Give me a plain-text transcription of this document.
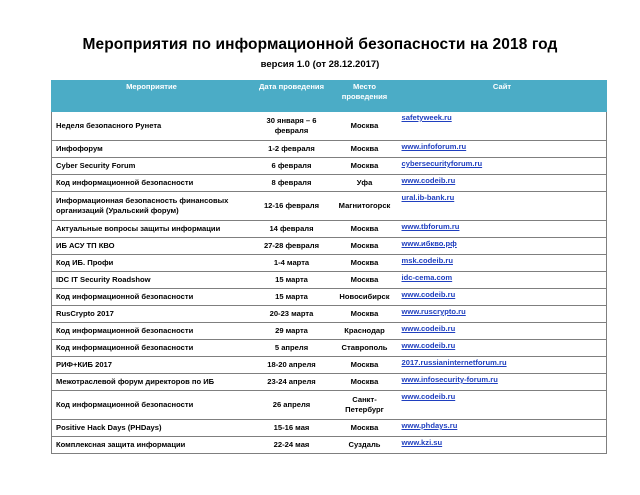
Мероприятия по информационной безопасности на 2018 год
версия 1.0 (от 28.12.2017)
Мероприятие	Дата проведения	Место проведения	Сайт
Неделя безопасного Рунета	30 января – 6 февраля	Москва	safetyweek.ru
Инфофорум	1-2 февраля	Москва	www.infoforum.ru
Cyber Security Forum	6 февраля	Москва	cybersecurityforum.ru
Код информационной безопасности	8 февраля	Уфа	www.codeib.ru
Информационная безопасность финансовых организаций (Уральский форум)	12-16 февраля	Магнитогорск	ural.ib-bank.ru
Актуальные вопросы защиты информации	14 февраля	Москва	www.tbforum.ru
ИБ АСУ ТП КВО	27-28 февраля	Москва	www.ибкво.рф
Код ИБ. Профи	1-4 марта	Москва	msk.codeib.ru
IDC IT Security Roadshow	15 марта	Москва	idc-cema.com
Код информационной безопасности	15 марта	Новосибирск	www.codeib.ru
RusCrypto 2017	20-23 марта	Москва	www.ruscrypto.ru
Код информационной безопасности	29 марта	Краснодар	www.codeib.ru
Код информационной безопасности	5 апреля	Ставрополь	www.codeib.ru
РИФ+КИБ 2017	18-20 апреля	Москва	2017.russianinternetforum.ru
Межотраслевой форум директоров по ИБ	23-24 апреля	Москва	www.infosecurity-forum.ru
Код информационной безопасности	26 апреля	Санкт-Петербург	www.codeib.ru
Positive Hack Days (PHDays)	15-16 мая	Москва	www.phdays.ru
Комплексная защита информации	22-24 мая	Суздаль	www.kzi.su
